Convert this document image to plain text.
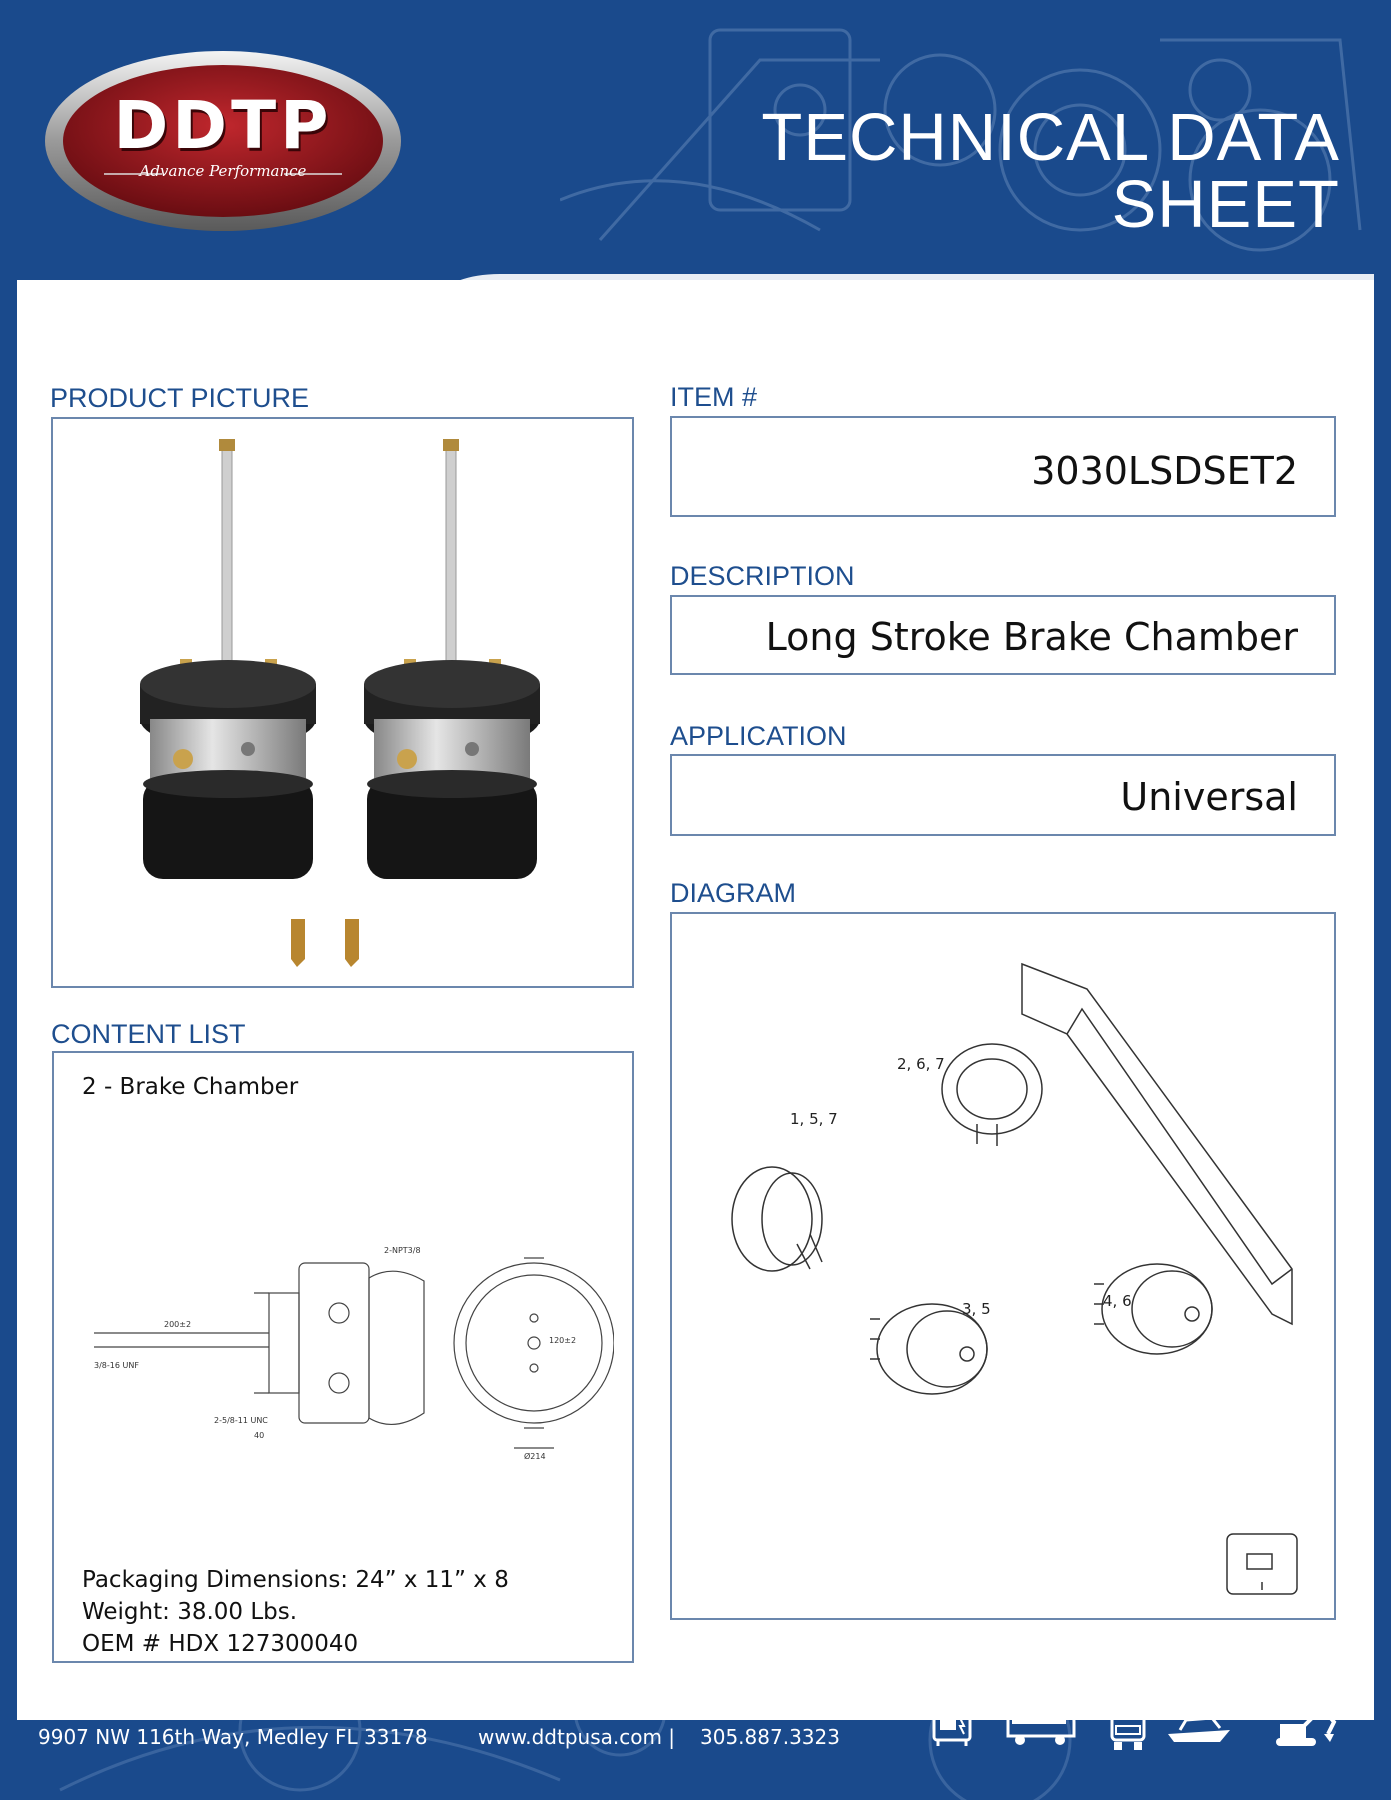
DDTP
Advance Performance	TECHNICAL DATA SHEET
PRODUCT PICTURE	ITEM #
3030LSDSET2
DESCRIPTION
Long Stroke Brake Chamber
APPLICATION
Universal
DIAGRAM
2, 6, 7
1, 5, 7
3, 5	4, 6
CONTENT LIST
2 - Brake Chamber
2-NPT3/8
200±2
3/8-16 UNF
2-5/8-11 UNC
40
120±2
Ø214
Packaging Dimensions: 24” x 11” x 8
Weight: 38.00 Lbs.
OEM # HDX 127300040
9907 NW 116th Way, Medley FL 33178	www.ddtpusa.com | 305.887.3323
